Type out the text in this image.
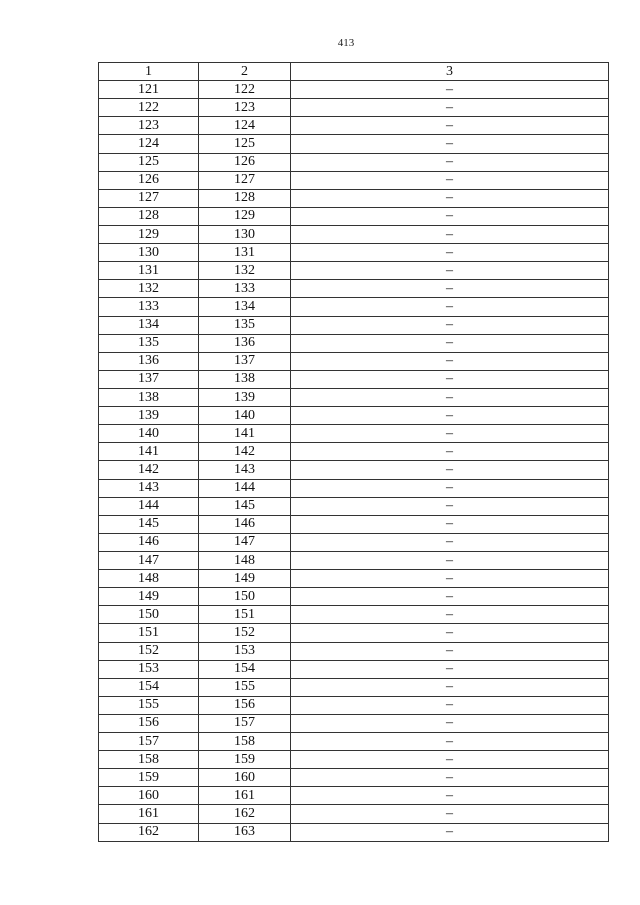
413
1	2	3
121	122	–
122	123	–
123	124	–
124	125	–
125	126	–
126	127	–
127	128	–
128	129	–
129	130	–
130	131	–
131	132	–
132	133	–
133	134	–
134	135	–
135	136	–
136	137	–
137	138	–
138	139	–
139	140	–
140	141	–
141	142	–
142	143	–
143	144	–
144	145	–
145	146	–
146	147	–
147	148	–
148	149	–
149	150	–
150	151	–
151	152	–
152	153	–
153	154	–
154	155	–
155	156	–
156	157	–
157	158	–
158	159	–
159	160	–
160	161	–
161	162	–
162	163	–
